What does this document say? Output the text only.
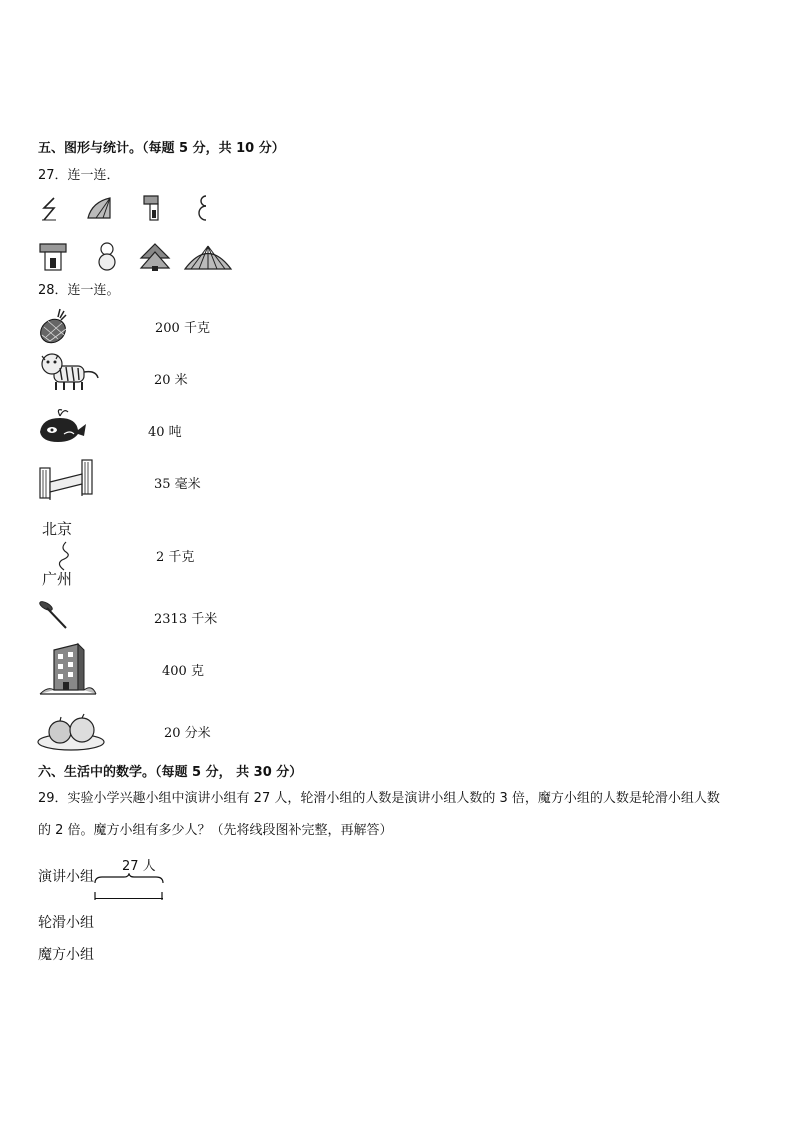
五、图形与统计。（每题 5 分，共 10 分）
27．连一连．
28．连一连。
北京
广州
200 千克
20 米
40 吨
35 毫米
2 千克
2313 千米
400 克
20 分米
六、生活中的数学。（每题 5 分， 共 30 分）
29．实验小学兴趣小组中演讲小组有 27 人，轮滑小组的人数是演讲小组人数的 3 倍，魔方小组的人数是轮滑小组人数
的 2 倍。魔方小组有多少人？（先将线段图补完整，再解答）
27 人
演讲小组
轮滑小组
魔方小组
